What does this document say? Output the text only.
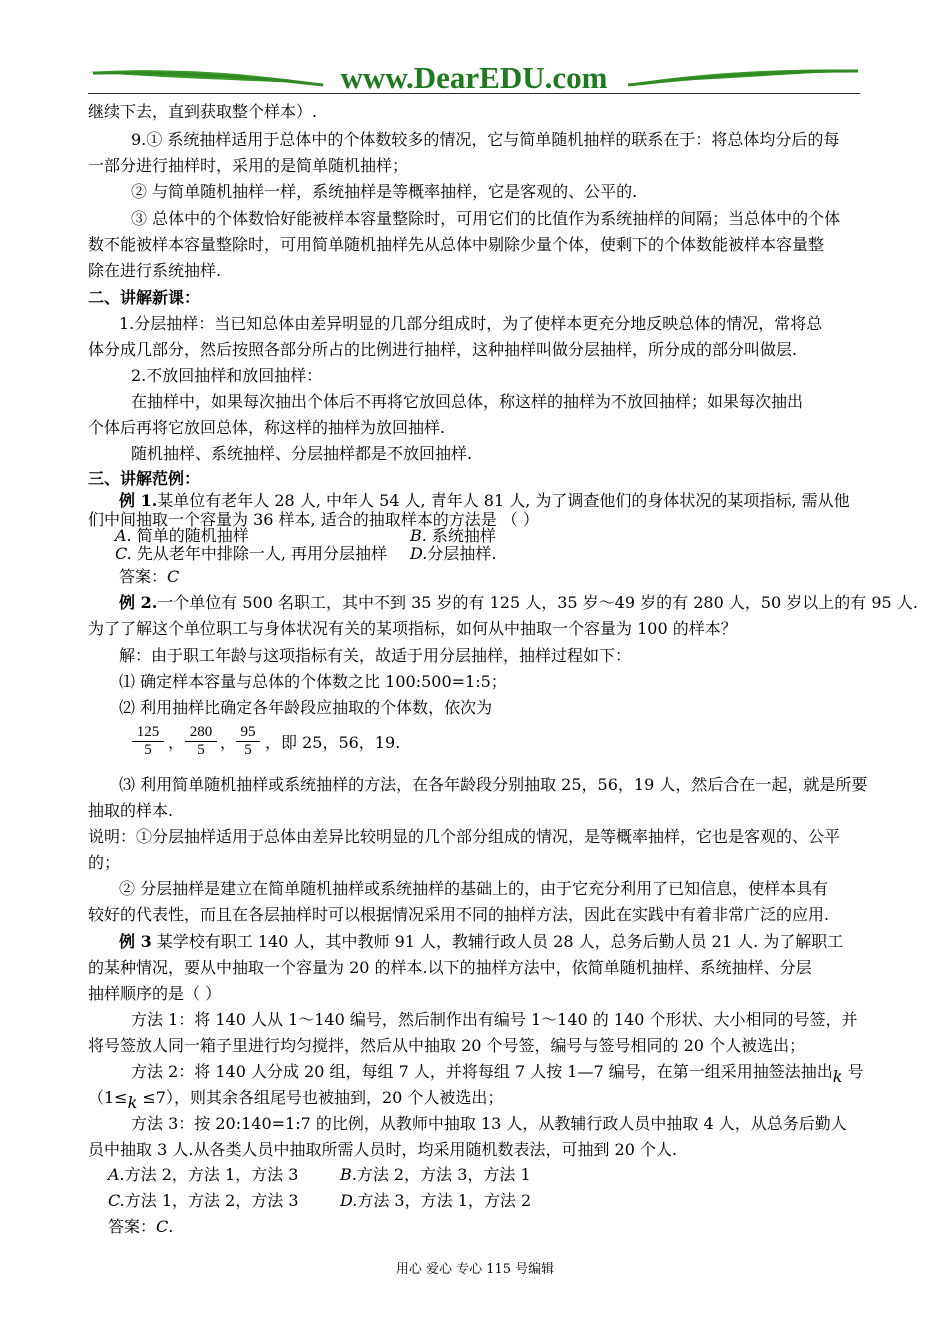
www.DearEDU.com
继续下去，直到获取整个样本）.
9.① 系统抽样适用于总体中的个体数较多的情况，它与简单随机抽样的联系在于：将总体均分后的每
一部分进行抽样时，采用的是简单随机抽样；
② 与简单随机抽样一样，系统抽样是等概率抽样，它是客观的、公平的.
③ 总体中的个体数恰好能被样本容量整除时，可用它们的比值作为系统抽样的间隔；当总体中的个体
数不能被样本容量整除时，可用简单随机抽样先从总体中剔除少量个体，使剩下的个体数能被样本容量整
除在进行系统抽样.
二、讲解新课：
1.分层抽样：当已知总体由差异明显的几部分组成时，为了使样本更充分地反映总体的情况，常将总
体分成几部分，然后按照各部分所占的比例进行抽样，这种抽样叫做分层抽样，所分成的部分叫做层.
2.不放回抽样和放回抽样：
在抽样中，如果每次抽出个体后不再将它放回总体，称这样的抽样为不放回抽样；如果每次抽出
个体后再将它放回总体，称这样的抽样为放回抽样.
随机抽样、系统抽样、分层抽样都是不放回抽样.
三、讲解范例：
例 1.某单位有老年人 28 人, 中年人 54 人, 青年人 81 人, 为了调查他们的身体状况的某项指标, 需从他
们中间抽取一个容量为 36 样本, 适合的抽取样本的方法是 （ ）
A. 简单的随机抽样	B. 系统抽样
C. 先从老年中排除一人, 再用分层抽样 D.分层抽样.
答案：C
例 2.一个单位有 500 名职工，其中不到 35 岁的有 125 人，35 岁～49 岁的有 280 人，50 岁以上的有 95 人.
为了了解这个单位职工与身体状况有关的某项指标，如何从中抽取一个容量为 100 的样本？
解：由于职工年龄与这项指标有关，故适于用分层抽样，抽样过程如下：
⑴ 确定样本容量与总体的个体数之比 100:500=1:5；
⑵ 利用抽样比确定各年龄段应抽取的个体数，依次为
125
5	，
280
5 ，
95
5 ，即 25，56，19.
⑶ 利用简单随机抽样或系统抽样的方法，在各年龄段分别抽取 25，56，19 人，然后合在一起，就是所要
抽取的样本.
说明：①分层抽样适用于总体由差异比较明显的几个部分组成的情况，是等概率抽样，它也是客观的、公平
的；
② 分层抽样是建立在简单随机抽样或系统抽样的基础上的，由于它充分利用了已知信息，使样本具有
较好的代表性，而且在各层抽样时可以根据情况采用不同的抽样方法，因此在实践中有着非常广泛的应用.
例 3 某学校有职工 140 人，其中教师 91 人，教辅行政人员 28 人，总务后勤人员 21 人. 为了解职工
的某种情况，要从中抽取一个容量为 20 的样本.以下的抽样方法中，依简单随机抽样、系统抽样、分层
抽样顺序的是（ ）
方法 1：将 140 人从 1～140 编号，然后制作出有编号 1～140 的 140 个形状、大小相同的号签，并
将号签放人同一箱子里进行均匀搅拌，然后从中抽取 20 个号签，编号与签号相同的 20 个人被选出；
方法 2：将 140 人分成 20 组，每组 7 人，并将每组 7 人按 1—7 编号，在第一组采用抽签法抽出k 号
（1≤k ≤7），则其余各组尾号也被抽到，20 个人被选出；
方法 3：按 20:140=1:7 的比例，从教师中抽取 13 人，从教辅行政人员中抽取 4 人，从总务后勤人
员中抽取 3 人.从各类人员中抽取所需人员时，均采用随机数表法，可抽到 20 个人.
A.方法 2，方法 1，方法 3	B.方法 2，方法 3，方法 1
C.方法 1，方法 2，方法 3	D.方法 3，方法 1，方法 2
答案：C.
用心 爱心 专心 115 号编辑
